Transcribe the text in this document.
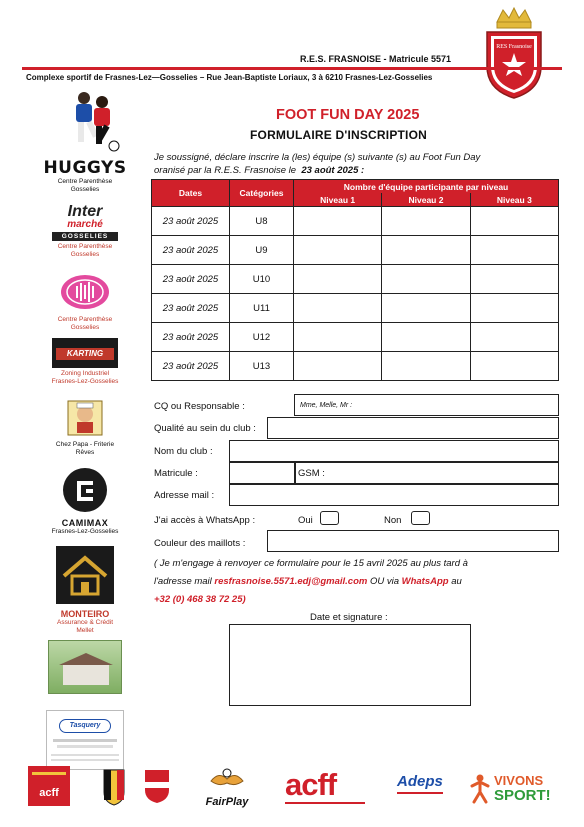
RES Frasnoise
R.E.S. FRASNOISE - Matricule 5571
Complexe sportif de Frasnes-Lez—Gosselies – Rue Jean-Baptiste Loriaux, 3 à 6210 Frasnes-Lez-Gosselies
HUGGYS
Centre Parenthèse
Gosselies
Inter
marché
GOSSELIES
Centre Parenthèse
Gosselies
Centre Parenthèse
Gosselies
KARTING
Zoning Industriel
Frasnes-Lez-Gosselies
Chez Papa - Friterie
Rêves
CAMIMAX
Frasnes-Lez-Gosselies
MONTEIRO
Assurance & Crédit
Mellet
Tasquery
FOOT FUN DAY 2025
FORMULAIRE D'INSCRIPTION
Je soussigné, déclare inscrire la (les) équipe (s) suivante (s) au Foot Fun Day
oranisé par la R.E.S. Frasnoise le 23 août 2025 :
Dates	Catégories	Nombre d'équipe participante par niveau		
		Niveau 1	Niveau 2	Niveau 3
23 août 2025	U8			
23 août 2025	U9			
23 août 2025	U10			
23 août 2025	U11			
23 août 2025	U12			
23 août 2025	U13			
CQ ou Responsable :	Mme, Melle, Mr :
Qualité au sein du club :
Nom du club :
Matricule :	GSM :
Adresse mail :
J'ai accès à WhatsApp :	Oui	Non
Couleur des maillots :
( Je m'engage à renvoyer ce formulaire pour le 15 avril 2025 au plus tard à
l'adresse mail resfrasnoise.5571.edj@gmail.com OU via WhatsApp au
+32 (0) 468 38 72 25)
Date et signature :
acff
FairPlay	acff	Adeps	VIVONS
SPORT!
